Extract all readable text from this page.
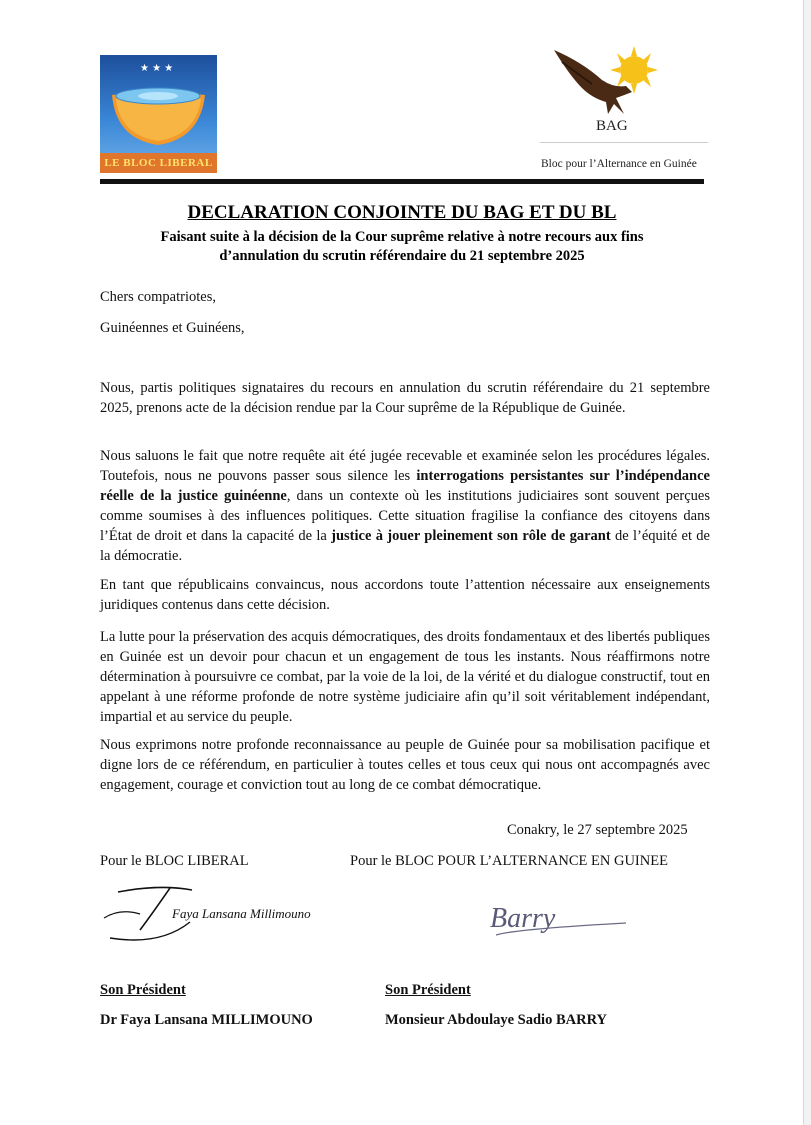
★ ★ ★
LE BLOC LIBERAL
BAG
Bloc pour l’Alternance en Guinée
DECLARATION CONJOINTE DU BAG ET DU BL
Faisant suite à la décision de la Cour suprême relative à notre recours aux fins
d’annulation du scrutin référendaire du 21 septembre 2025
Chers compatriotes,
Guinéennes et Guinéens,
Nous, partis politiques signataires du recours en annulation du scrutin référendaire du 21 septembre 2025, prenons acte de la décision rendue par la Cour suprême de la République de Guinée.
Nous saluons le fait que notre requête ait été jugée recevable et examinée selon les procédures légales. Toutefois, nous ne pouvons passer sous silence les interrogations persistantes sur l’indépendance réelle de la justice guinéenne, dans un contexte où les institutions judiciaires sont souvent perçues comme soumises à des influences politiques. Cette situation fragilise la confiance des citoyens dans l’État de droit et dans la capacité de la justice à jouer pleinement son rôle de garant de l’équité et de la démocratie.
En tant que républicains convaincus, nous accordons toute l’attention nécessaire aux enseignements juridiques contenus dans cette décision.
La lutte pour la préservation des acquis démocratiques, des droits fondamentaux et des libertés publiques en Guinée est un devoir pour chacun et un engagement de tous les instants. Nous réaffirmons notre détermination à poursuivre ce combat, par la voie de la loi, de la vérité et du dialogue constructif, tout en appelant à une réforme profonde de notre système judiciaire afin qu’il soit véritablement indépendant, impartial et au service du peuple.
Nous exprimons notre profonde reconnaissance au peuple de Guinée pour sa mobilisation pacifique et digne lors de ce référendum, en particulier à toutes celles et tous ceux qui nous ont accompagnés avec engagement, courage et conviction tout au long de ce combat démocratique.
Conakry, le 27 septembre 2025
Pour le BLOC LIBERAL	Pour le BLOC POUR L’ALTERNANCE EN GUINEE
Faya Lansana Millimouno	Barry
Son Président	Son Président
Dr Faya Lansana MILLIMOUNO	Monsieur Abdoulaye Sadio BARRY
